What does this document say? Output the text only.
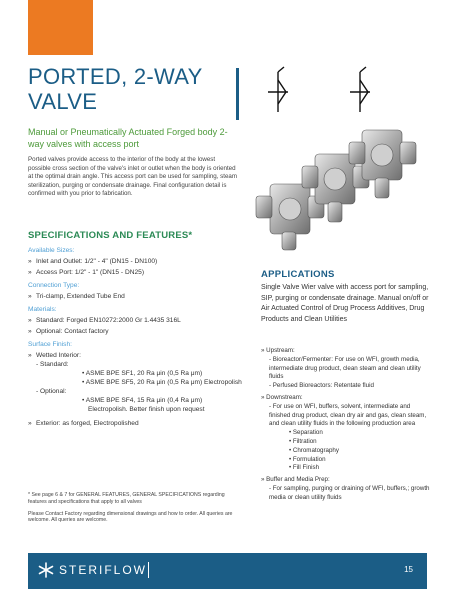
PORTED, 2-WAY VALVE
Manual or Pneumatically Actuated Forged body 2-way valves with access port
Ported valves provide access to the interior of the body at the lowest possible cross section of the valve's inlet or outlet when the body is oriented at the optimal drain angle. This access port can be used for sampling, steam sterilization, purging or condensate drainage. Final configuration detail is confirmed with you prior to fabrication.
SPECIFICATIONS AND FEATURES*
Available Sizes:
» Inlet and Outlet: 1/2" - 4" (DN15 - DN100)
» Access Port: 1/2" - 1" (DN15 - DN25)
Connection Type:
» Tri-clamp, Extended Tube End
Materials:
» Standard: Forged EN10272:2000 Gr 1.4435 316L
» Optional: Contact factory
Surface Finish:
» Wetted Interior:
- Standard:
• ASME BPE SF1, 20 Ra μin (0,5 Ra μm)
• ASME BPE SF5, 20 Ra μin (0,5 Ra μm) Electropolish
- Optional:
• ASME BPE SF4, 15 Ra μin (0,4 Ra μm)
Electropolish. Better finish upon request
» Exterior: as forged, Electropolished
* See page 6 & 7 for GENERAL FEATURES, GENERAL SPECIFICATIONS regarding features and specifications that apply to all valves
Please Contact Factory regarding dimensional drawings and how to order. All queries are welcome. All queries are welcome.
APPLICATIONS
Single Valve Wier valve with access port for sampling, SIP, purging or condensate drainage. Manual on/off or Air Actuated Control of Drug Process Additives, Drug Products and Clean Utilities
» Upstream:
- Bioreactor/Fermenter: For use on WFI, growth media, intermediate drug product, clean steam and clean utility fluids
- Perfused Bioreactors: Retentate fluid
» Downstream:
- For use on WFI, buffers, solvent, intermediate and finished drug product, clean dry air and gas, clean steam, and clean utility fluids in the following production area
• Separation
• Filtration
• Chromatography
• Formulation
• Fill Finish
» Buffer and Media Prep:
- For sampling, purging or draining of WFI, buffers,; growth media or clean utility fluids
STERIFLOW	15
